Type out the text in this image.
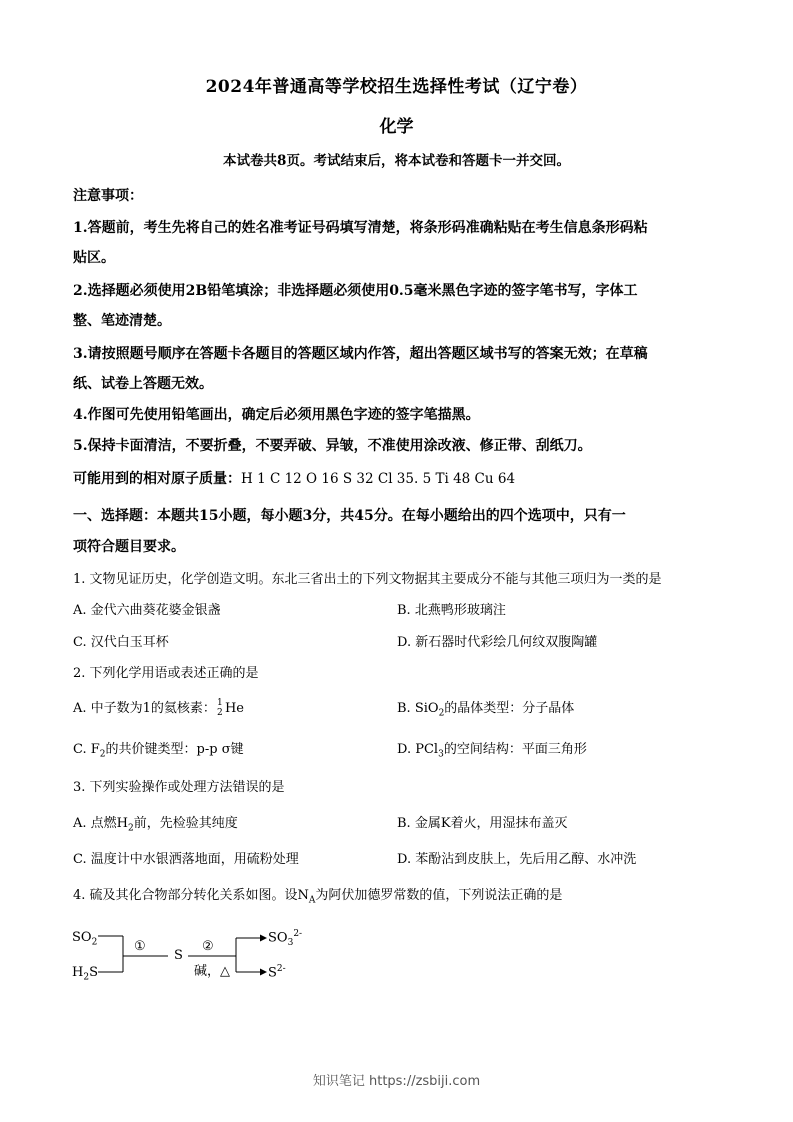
2024年普通高等学校招生选择性考试（辽宁卷）
化学
本试卷共8页。考试结束后，将本试卷和答题卡一并交回。
注意事项：
1.答题前，考生先将自己的姓名准考证号码填写清楚，将条形码准确粘贴在考生信息条形码粘
贴区。
2.选择题必须使用2B铅笔填涂；非选择题必须使用0.5毫米黑色字迹的签字笔书写，字体工
整、笔迹清楚。
3.请按照题号顺序在答题卡各题目的答题区域内作答，超出答题区域书写的答案无效；在草稿
纸、试卷上答题无效。
4.作图可先使用铅笔画出，确定后必须用黑色字迹的签字笔描黑。
5.保持卡面清洁，不要折叠，不要弄破、异皱，不准使用涂改液、修正带、刮纸刀。
可能用到的相对原子质量：H 1 C 12 O 16 S 32 Cl 35. 5 Ti 48 Cu 64
一、选择题：本题共15小题，每小题3分，共45分。在每小题给出的四个选项中，只有一
项符合题目要求。
1. 文物见证历史，化学创造文明。东北三省出土的下列文物据其主要成分不能与其他三项归为一类的是
A. 金代六曲葵花婆金银盏	B. 北燕鸭形玻璃注
C. 汉代白玉耳杯	D. 新石器时代彩绘几何纹双腹陶罐
2. 下列化学用语或表述正确的是
A. 中子数为1的氦核素： 1
2 He	B. SiO$_2$的晶体类型：分子晶体
C. $F_2$的共价键类型：p-p σ键	D. PCl$_3$的空间结构：平面三角形
3. 下列实验操作或处理方法错误的是
A. 点燃$H_2$前，先检验其纯度	B. 金属K着火，用湿抹布盖灭
C. 温度计中水银洒落地面，用硫粉处理	D. 苯酚沾到皮肤上，先后用乙醇、水冲洗
4. 硫及其化合物部分转化关系如图。设$N_A$为阿伏加德罗常数的值，下列说法正确的是
$SO_2$
$H_2S$
①
S
②
碱，△
$SO_3^{2-}$
$S^{2-}$
知识笔记 https://zsbiji.com
